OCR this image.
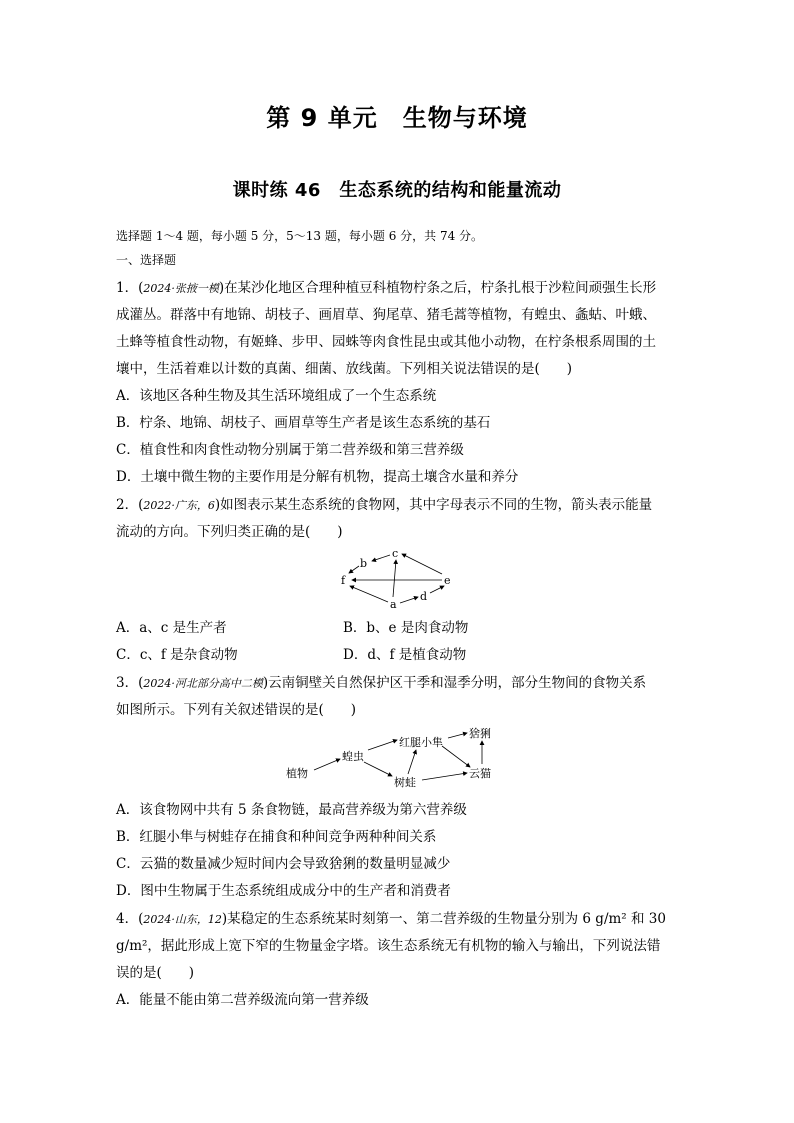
第 9 单元　生物与环境
课时练 46　生态系统的结构和能量流动
选择题 1～4 题，每小题 5 分，5～13 题，每小题 6 分，共 74 分。
一、选择题
1．(2024·张掖一模)在某沙化地区合理种植豆科植物柠条之后，柠条扎根于沙粒间顽强生长形
成灌丛。群落中有地锦、胡枝子、画眉草、狗尾草、猪毛蒿等植物，有蝗虫、螽蛄、叶蛾、
土蜂等植食性动物，有姬蜂、步甲、园蛛等肉食性昆虫或其他小动物，在柠条根系周围的土
壤中，生活着难以计数的真菌、细菌、放线菌。下列相关说法错误的是(　　)
A．该地区各种生物及其生活环境组成了一个生态系统
B．柠条、地锦、胡枝子、画眉草等生产者是该生态系统的基石
C．植食性和肉食性动物分别属于第二营养级和第三营养级
D．土壤中微生物的主要作用是分解有机物，提高土壤含水量和养分
2．(2022·广东，6)如图表示某生态系统的食物网，其中字母表示不同的生物，箭头表示能量
流动的方向。下列归类正确的是(　　)
c
b
f	e
a
d
A．a、c 是生产者	B．b、e 是肉食动物
C．c、f 是杂食动物	D．d、f 是植食动物
3．(2024·河北部分高中二模)云南铜壁关自然保护区干季和湿季分明，部分生物间的食物关系
如图所示。下列有关叙述错误的是(　　)
植物
蝗虫
红腿小隼
猞猁
树蛙
云猫
A．该食物网中共有 5 条食物链，最高营养级为第六营养级
B．红腿小隼与树蛙存在捕食和种间竞争两种种间关系
C．云猫的数量减少短时间内会导致猞猁的数量明显减少
D．图中生物属于生态系统组成成分中的生产者和消费者
4．(2024·山东，12)某稳定的生态系统某时刻第一、第二营养级的生物量分别为 6 g/m² 和 30
g/m²，据此形成上宽下窄的生物量金字塔。该生态系统无有机物的输入与输出，下列说法错
误的是(　　)
A．能量不能由第二营养级流向第一营养级
